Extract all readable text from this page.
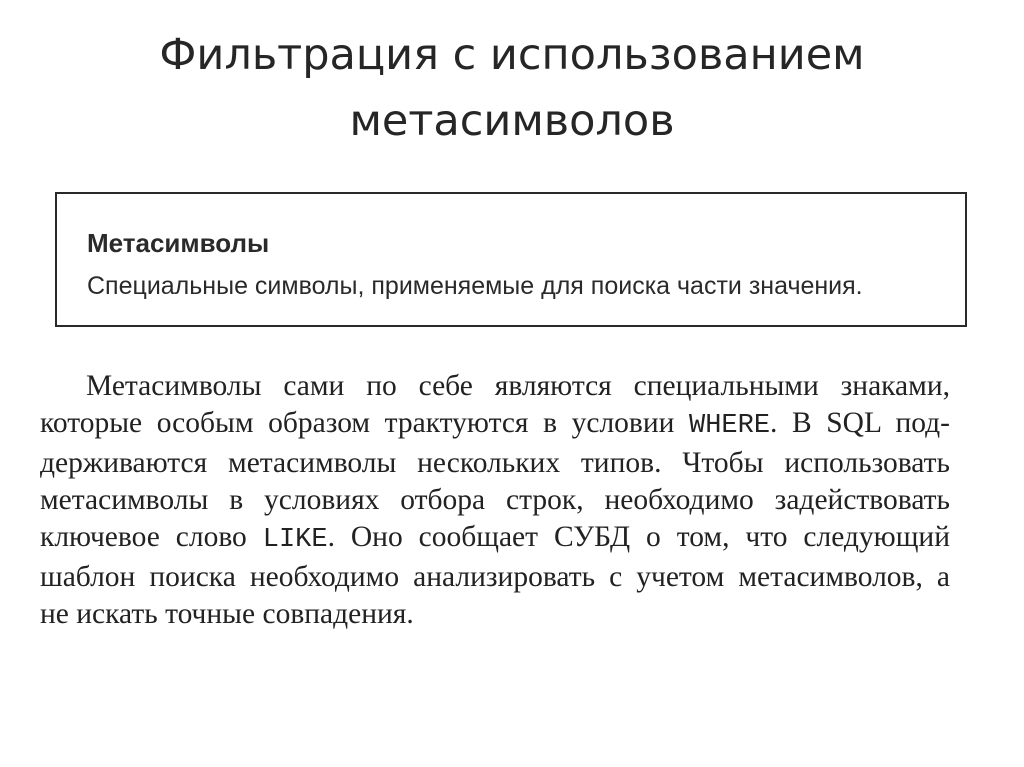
Фильтрация с использованием
метасимволов

Метасимволы

Специальные символы, применяемые для поиска части значения.

Метасимволы сами по себе являются специальными знаками,
которые особым образом трактуются в условии WHERE. В SQL под-
держиваются метасимволы нескольких типов. Чтобы использовать
метасимволы в условиях отбора строк, необходимо задействовать
ключевое слово LIKE. Оно сообщает СУБД о том, что следующий
шаблон поиска необходимо анализировать с учетом метасимволов, а
не искать точные совпадения.
